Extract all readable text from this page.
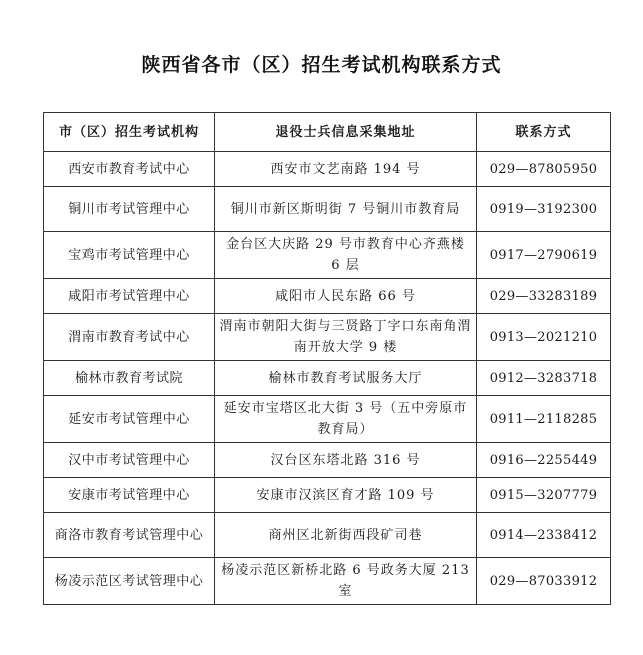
陕西省各市（区）招生考试机构联系方式
市（区）招生考试机构	退役士兵信息采集地址	联系方式
西安市教育考试中心	西安市文艺南路 194 号	029—87805950
铜川市考试管理中心	铜川市新区斯明街 7 号铜川市教育局	0919—3192300
宝鸡市考试管理中心	金台区大庆路 29 号市教育中心齐燕楼 6 层	0917—2790619
咸阳市考试管理中心	咸阳市人民东路 66 号	029—33283189
渭南市教育考试中心	渭南市朝阳大街与三贤路丁字口东南角渭南开放大学 9 楼	0913—2021210
榆林市教育考试院	榆林市教育考试服务大厅	0912—3283718
延安市考试管理中心	延安市宝塔区北大街 3 号（五中旁原市教育局）	0911—2118285
汉中市考试管理中心	汉台区东塔北路 316 号	0916—2255449
安康市考试管理中心	安康市汉滨区育才路 109 号	0915—3207779
商洛市教育考试管理中心	商州区北新街西段矿司巷	0914—2338412
杨凌示范区考试管理中心	杨凌示范区新桥北路 6 号政务大厦 213 室	029—87033912
